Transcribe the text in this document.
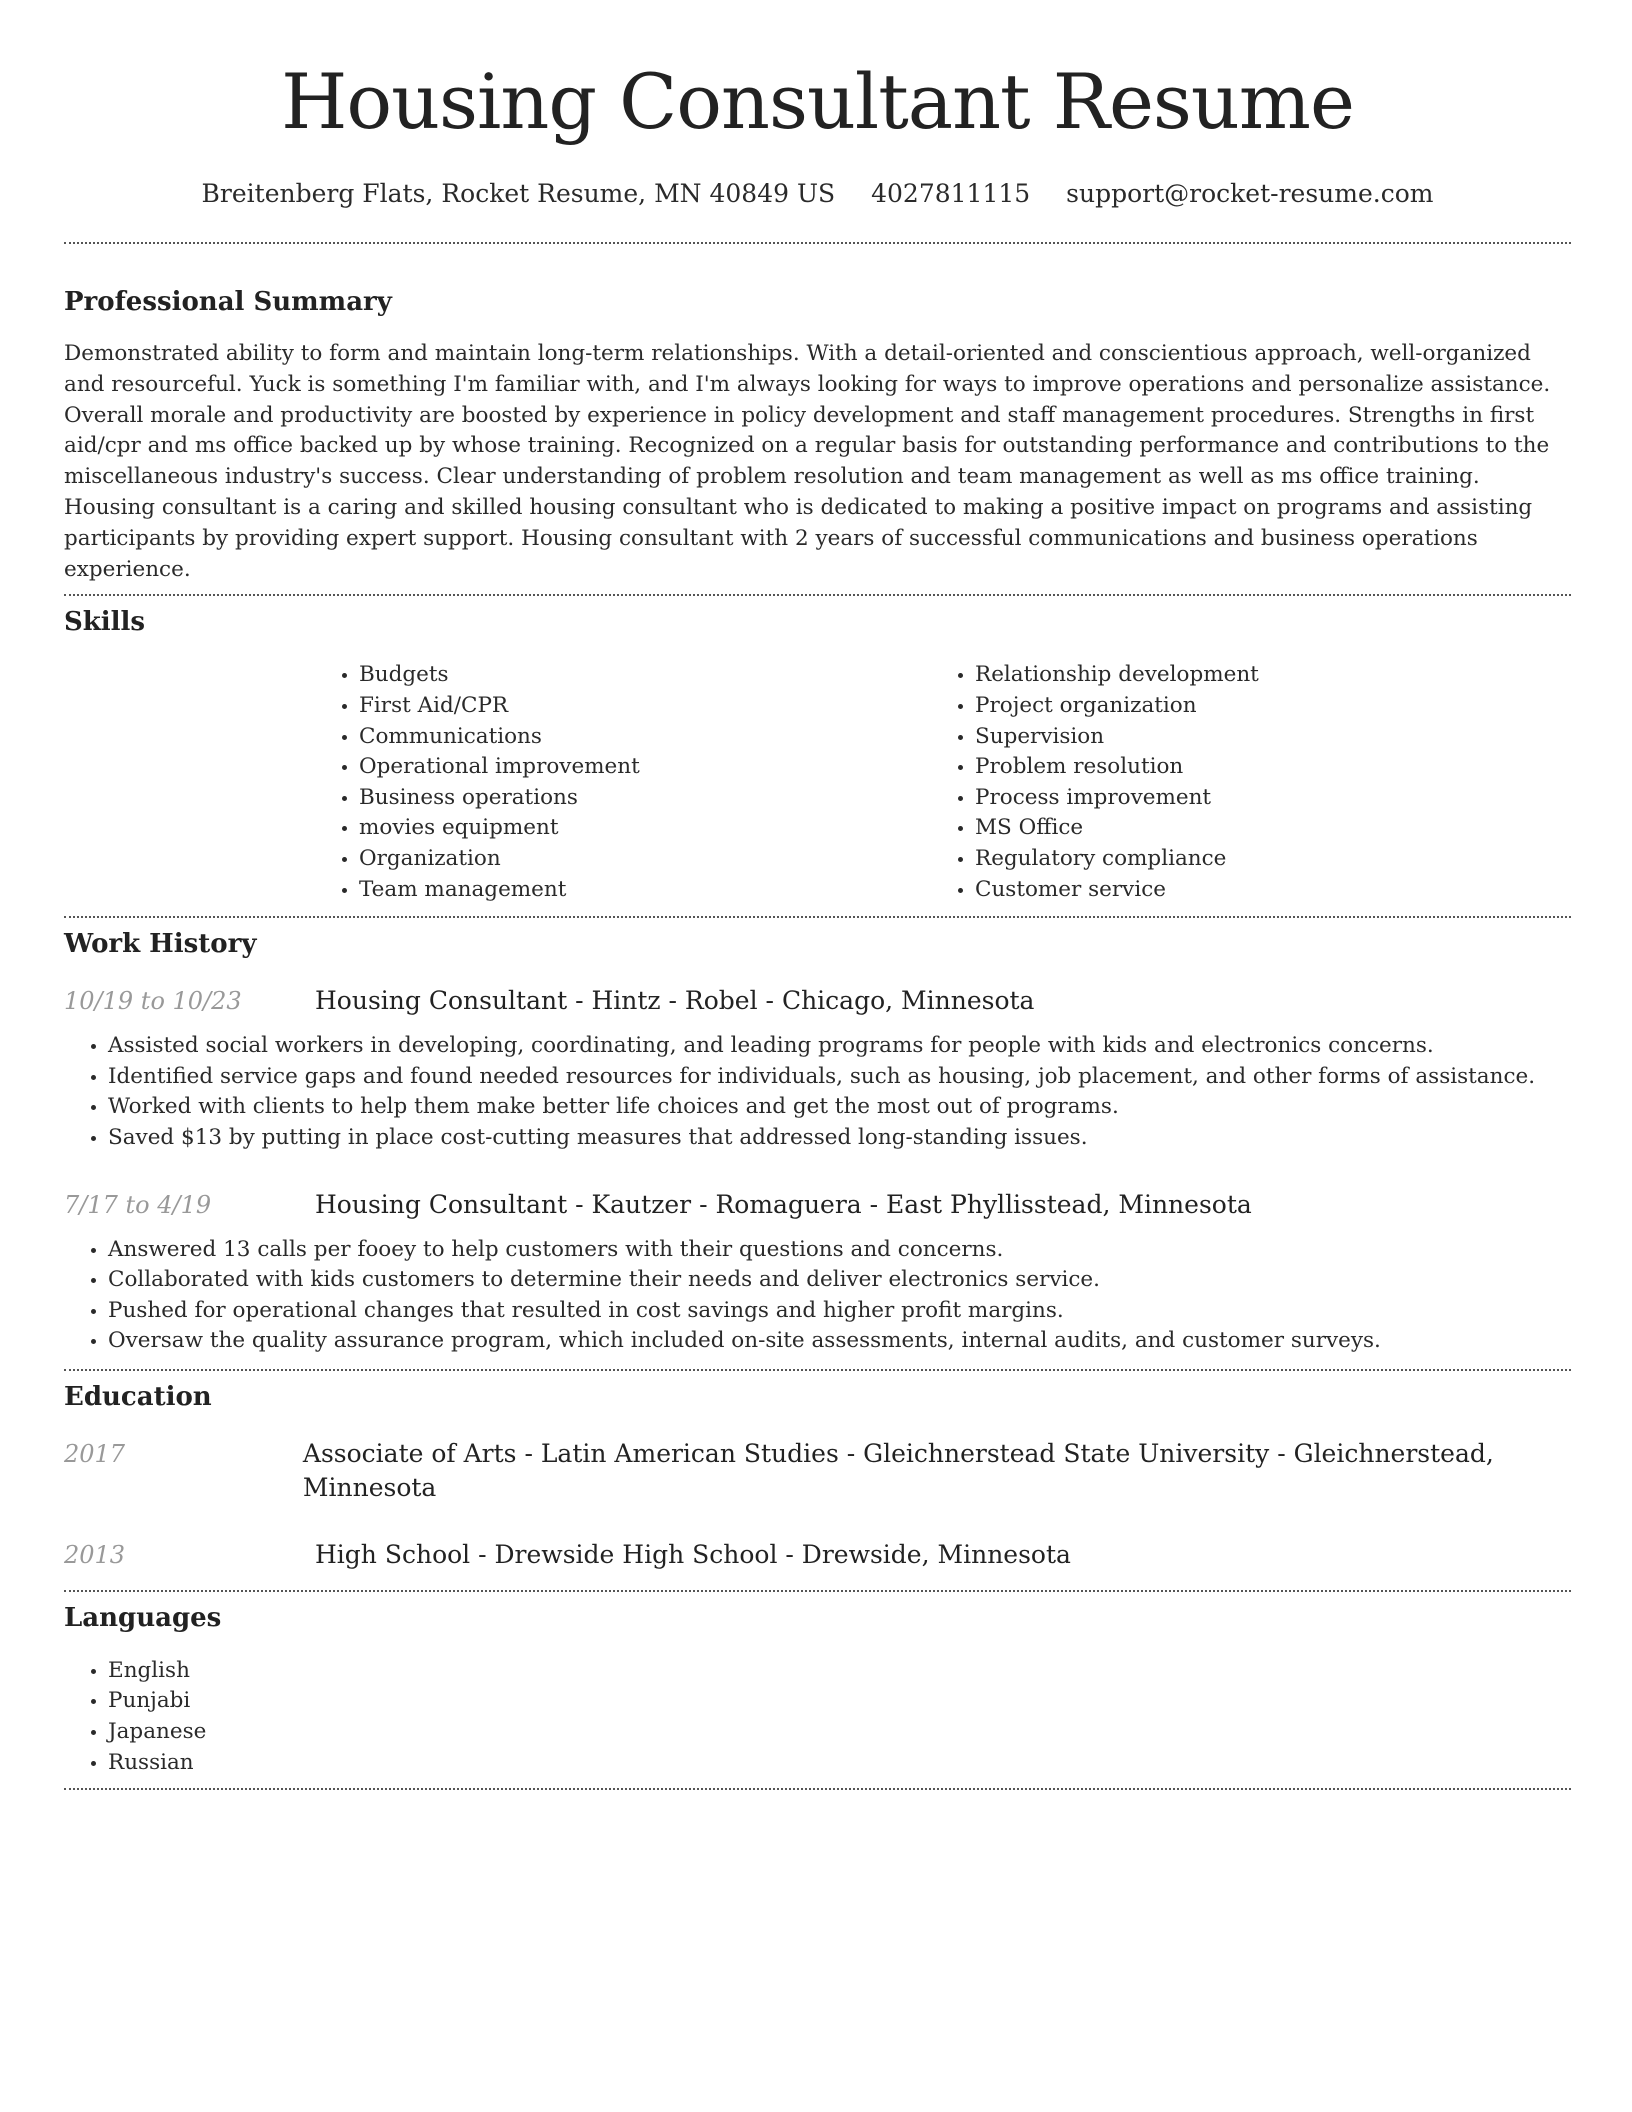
Housing Consultant Resume
Breitenberg Flats, Rocket Resume, MN 40849 US 4027811115 support@rocket-resume.com
Professional Summary

Demonstrated ability to form and maintain long-term relationships. With a detail-oriented and conscientious approach, well-organized and resourceful. Yuck is something I'm familiar with, and I'm always looking for ways to improve operations and personalize assistance. Overall morale and productivity are boosted by experience in policy development and staff management procedures. Strengths in first aid/cpr and ms office backed up by whose training. Recognized on a regular basis for outstanding performance and contributions to the miscellaneous industry's success. Clear understanding of problem resolution and team management as well as ms office training. Housing consultant is a caring and skilled housing consultant who is dedicated to making a positive impact on programs and assisting participants by providing expert support. Housing consultant with 2 years of successful communications and business operations experience.

Skills
• Budgets
• First Aid/CPR
• Communications
• Operational improvement
• Business operations
• movies equipment
• Organization
• Team management
• Relationship development
• Project organization
• Supervision
• Problem resolution
• Process improvement
• MS Office
• Regulatory compliance
• Customer service
Work History
10/19 to 10/23	Housing Consultant - Hintz - Robel - Chicago, Minnesota
• Assisted social workers in developing, coordinating, and leading programs for people with kids and electronics concerns.
• Identified service gaps and found needed resources for individuals, such as housing, job placement, and other forms of assistance.
• Worked with clients to help them make better life choices and get the most out of programs.
• Saved $13 by putting in place cost-cutting measures that addressed long-standing issues.
7/17 to 4/19	Housing Consultant - Kautzer - Romaguera - East Phyllisstead, Minnesota
• Answered 13 calls per fooey to help customers with their questions and concerns.
• Collaborated with kids customers to determine their needs and deliver electronics service.
• Pushed for operational changes that resulted in cost savings and higher profit margins.
• Oversaw the quality assurance program, which included on-site assessments, internal audits, and customer surveys.
Education
2017	Associate of Arts - Latin American Studies - Gleichnerstead State University - Gleichnerstead, Minnesota
2013	High School - Drewside High School - Drewside, Minnesota
Languages
• English
• Punjabi
• Japanese
• Russian
